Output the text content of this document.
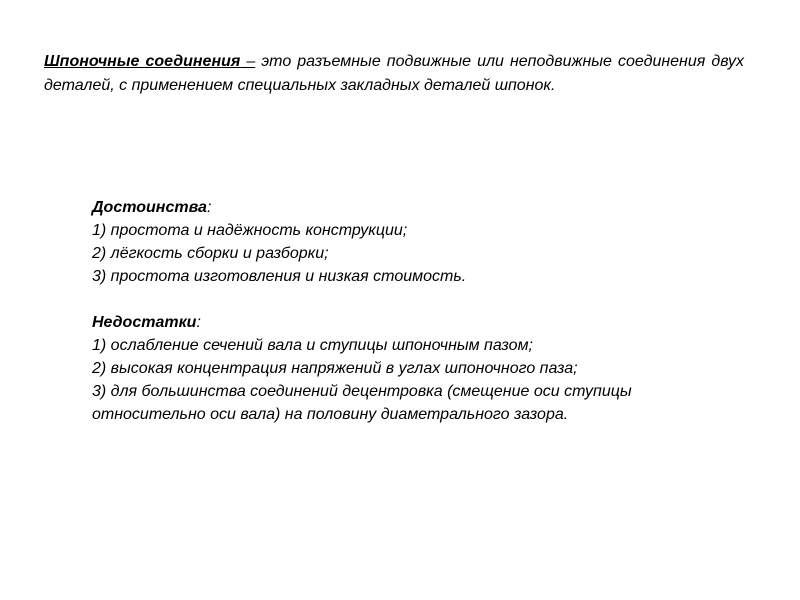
Шпоночные соединения – это разъемные подвижные или неподвижные соединения двух деталей, с применением специальных закладных деталей шпонок.

Достоинства:
1) простота и надёжность конструкции;
2) лёгкость сборки и разборки;
3) простота изготовления и низкая стоимость.
Недостатки:
1) ослабление сечений вала и ступицы шпоночным пазом;
2) высокая концентрация напряжений в углах шпоночного паза;
3) для большинства соединений децентровка (смещение оси ступицы относительно оси вала) на половину диаметрального зазора.
